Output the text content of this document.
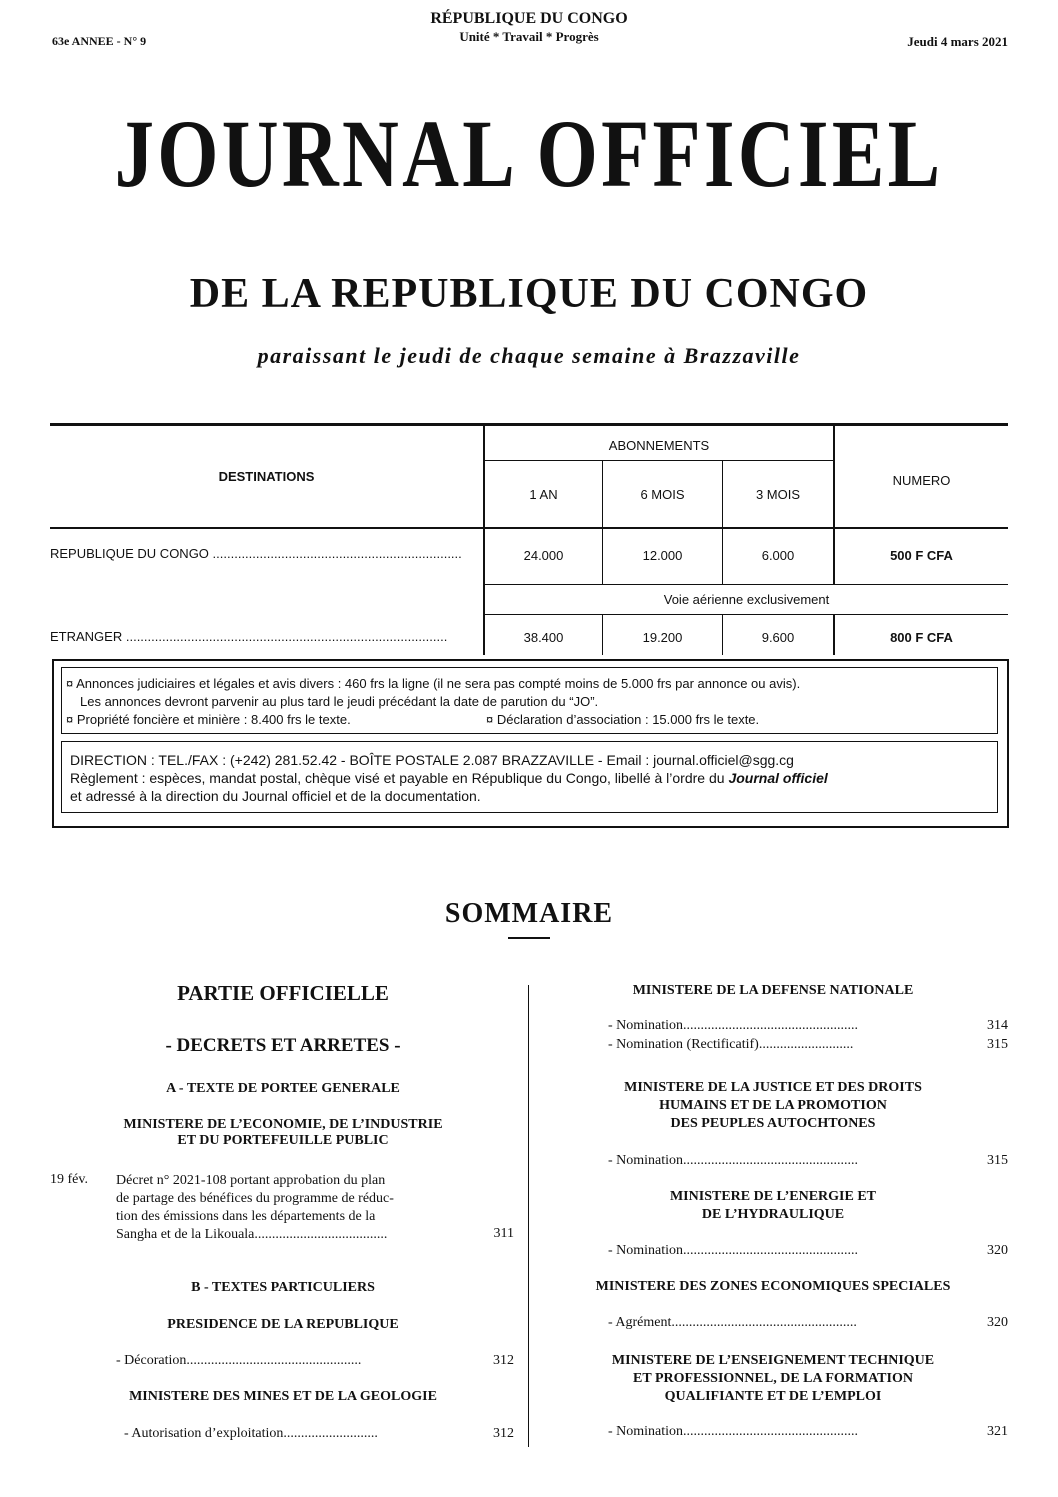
63e ANNEE - N° 9
RÉPUBLIQUE DU CONGO
Unité * Travail * Progrès	Jeudi 4 mars 2021
JOURNAL OFFICIEL
DE LA REPUBLIQUE DU CONGO
paraissant le jeudi de chaque semaine à Brazzaville
DESTINATIONS
ABONNEMENTS
1 AN	6 MOIS	3 MOIS
NUMERO
REPUBLIQUE DU CONGO .....................................................................	24.000	12.000	6.000	500 F CFA
Voie aérienne exclusivement
ETRANGER .........................................................................................	38.400	19.200	9.600	800 F CFA
¤ Annonces judiciaires et légales et avis divers : 460 frs la ligne (il ne sera pas compté moins de 5.000 frs par annonce ou avis).
Les annonces devront parvenir au plus tard le jeudi précédant la date de parution du “JO”.
¤ Propriété foncière et minière : 8.400 frs le texte.	¤ Déclaration d’association : 15.000 frs le texte.
DIRECTION : TEL./FAX : (+242) 281.52.42 - BOÎTE POSTALE 2.087 BRAZZAVILLE - Email : journal.officiel@sgg.cg
Règlement : espèces, mandat postal, chèque visé et payable en République du Congo, libellé à l’ordre du Journal officiel
et adressé à la direction du Journal officiel et de la documentation.
SOMMAIRE
PARTIE OFFICIELLE
- DECRETS ET ARRETES -
A - TEXTE DE PORTEE GENERALE
MINISTERE DE L’ECONOMIE, DE L’INDUSTRIE
ET DU PORTEFEUILLE PUBLIC
19 fév. Décret n° 2021-108 portant approbation du plan
de partage des bénéfices du programme de réduc-
tion des émissions dans les départements de la
Sangha et de la Likouala......................................	311
B - TEXTES PARTICULIERS
PRESIDENCE DE LA REPUBLIQUE
- Décoration..................................................	312
MINISTERE DES MINES ET DE LA GEOLOGIE
- Autorisation d’exploitation...........................	312
MINISTERE DE LA DEFENSE NATIONALE
- Nomination..................................................	314
- Nomination (Rectificatif)...........................	315
MINISTERE DE LA JUSTICE ET DES DROITS
HUMAINS ET DE LA PROMOTION
DES PEUPLES AUTOCHTONES
- Nomination..................................................	315
MINISTERE DE L’ENERGIE ET
DE L’HYDRAULIQUE
- Nomination..................................................	320
MINISTERE DES ZONES ECONOMIQUES SPECIALES
- Agrément.....................................................	320
MINISTERE DE L’ENSEIGNEMENT TECHNIQUE
ET PROFESSIONNEL, DE LA FORMATION
QUALIFIANTE ET DE L’EMPLOI
- Nomination..................................................	321
